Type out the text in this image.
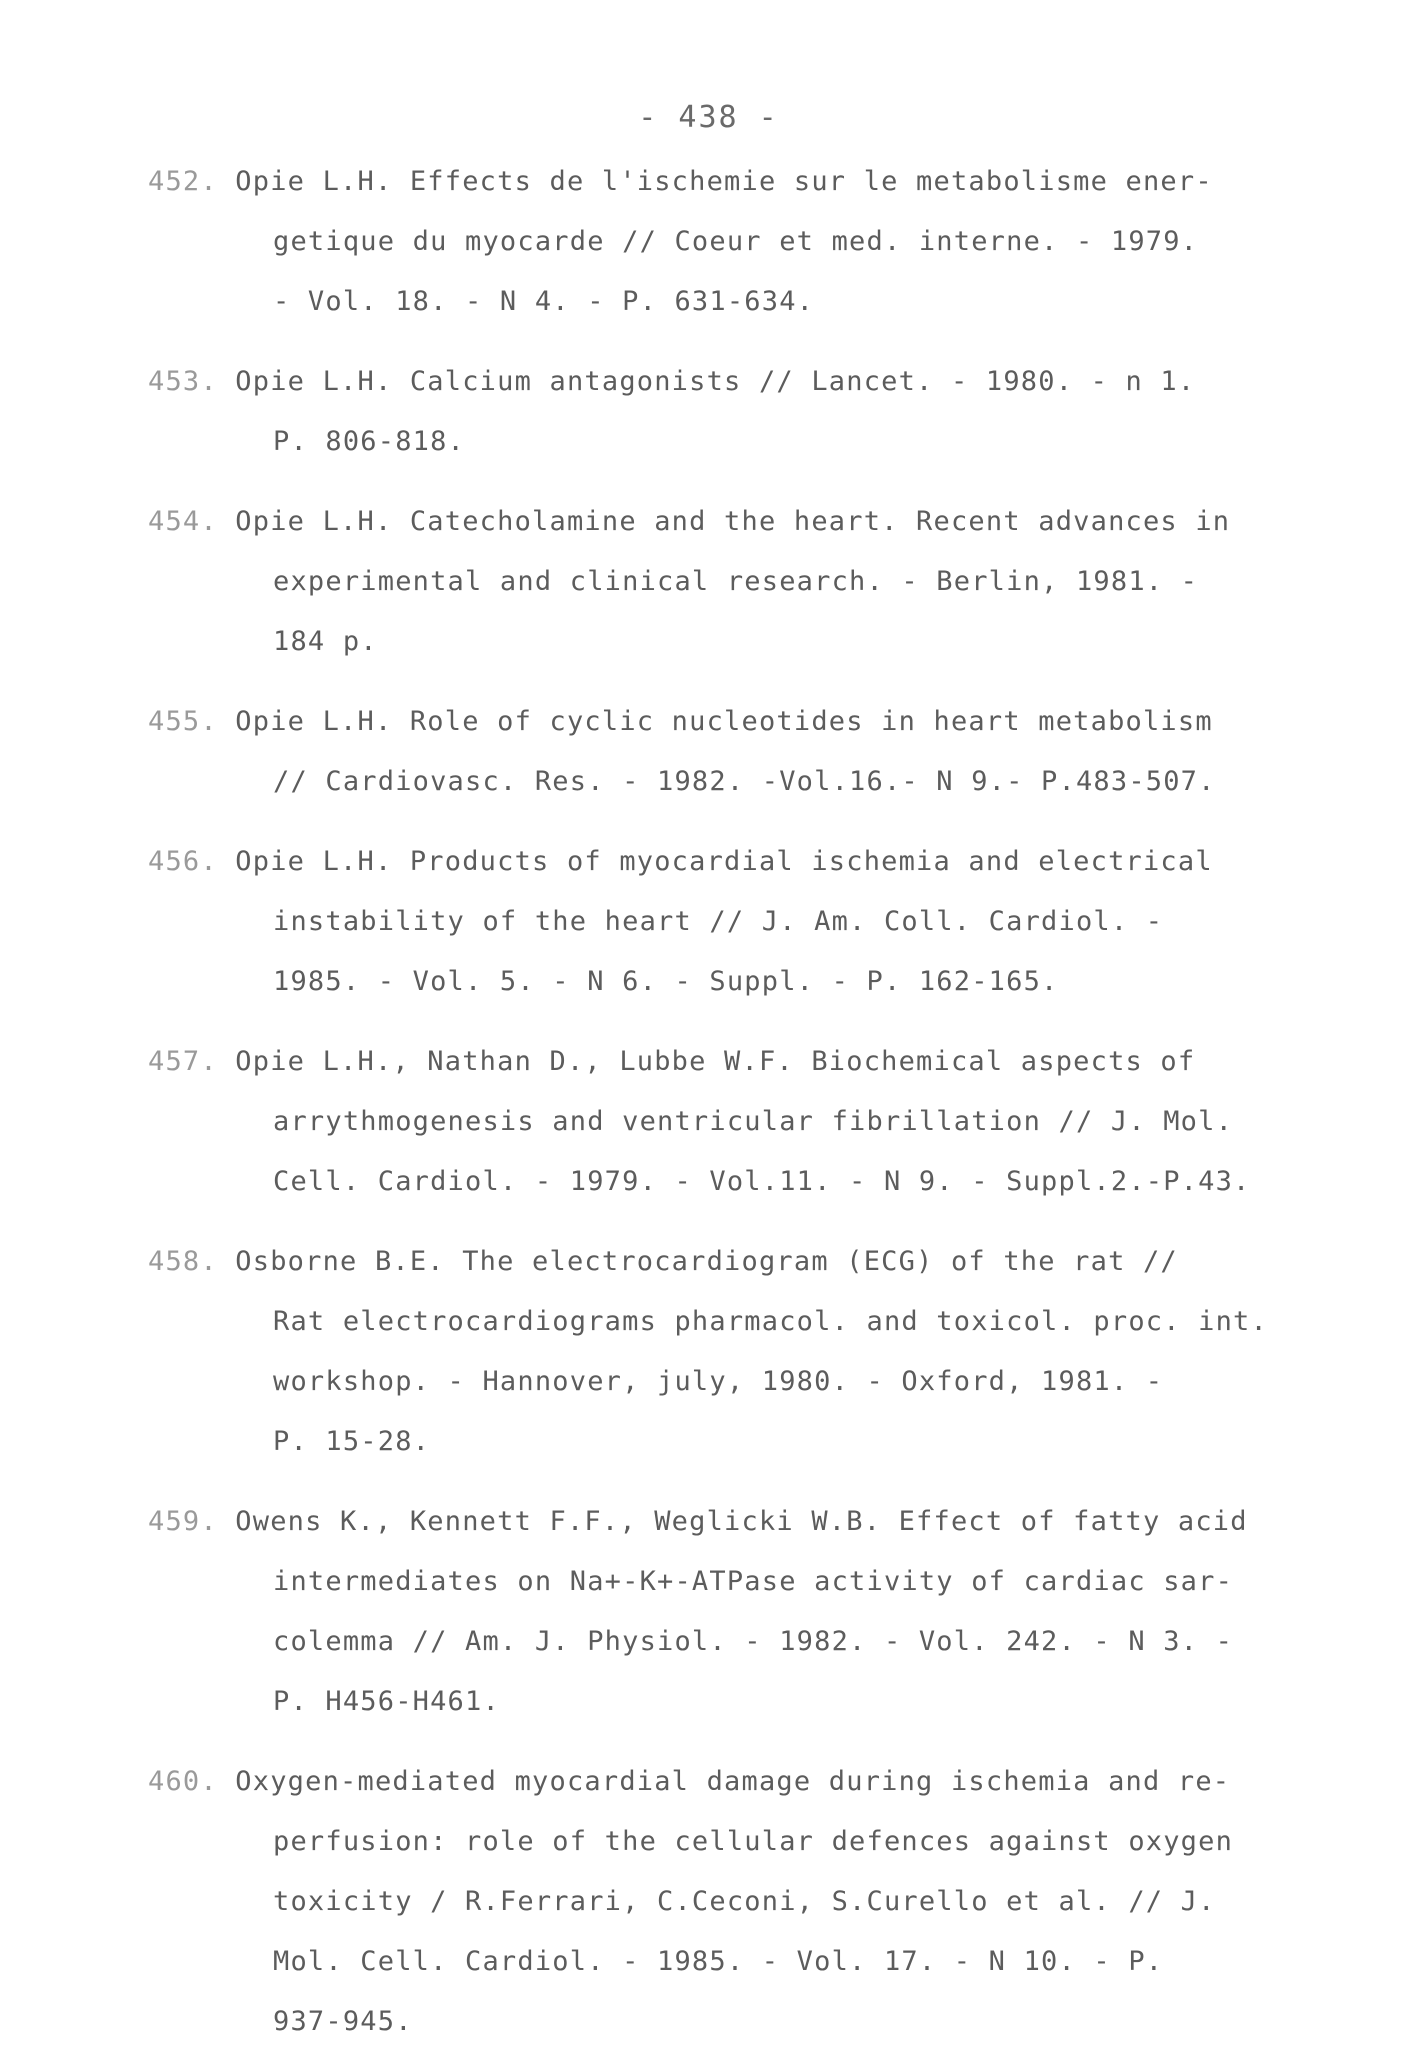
- 438 -
452. Opie L.H. Effects de l'ischemie sur le metabolisme ener-
getique du myocarde // Coeur et med. interne. - 1979.
- Vol. 18. - N 4. - P. 631-634.
453. Opie L.H. Calcium antagonists // Lancet. - 1980. - n 1.
P. 806-818.
454. Opie L.H. Catecholamine and the heart. Recent advances in
experimental and clinical research. - Berlin, 1981. -
184 p.
455. Opie L.H. Role of cyclic nucleotides in heart metabolism
// Cardiovasc. Res. - 1982. -Vol.16.- N 9.- P.483-507.
456. Opie L.H. Products of myocardial ischemia and electrical
instability of the heart // J. Am. Coll. Cardiol. -
1985. - Vol. 5. - N 6. - Suppl. - P. 162-165.
457. Opie L.H., Nathan D., Lubbe W.F. Biochemical aspects of
arrythmogenesis and ventricular fibrillation // J. Mol.
Cell. Cardiol. - 1979. - Vol.11. - N 9. - Suppl.2.-P.43.
458. Osborne B.E. The electrocardiogram (ECG) of the rat //
Rat electrocardiograms pharmacol. and toxicol. proc. int.
workshop. - Hannover, july, 1980. - Oxford, 1981. -
P. 15-28.
459. Owens K., Kennett F.F., Weglicki W.B. Effect of fatty acid
intermediates on Na+-K+-ATPase activity of cardiac sar-
colemma // Am. J. Physiol. - 1982. - Vol. 242. - N 3. -
P. H456-H461.
460. Oxygen-mediated myocardial damage during ischemia and re-
perfusion: role of the cellular defences against oxygen
toxicity / R.Ferrari, C.Ceconi, S.Curello et al. // J.
Mol. Cell. Cardiol. - 1985. - Vol. 17. - N 10. - P.
937-945.
